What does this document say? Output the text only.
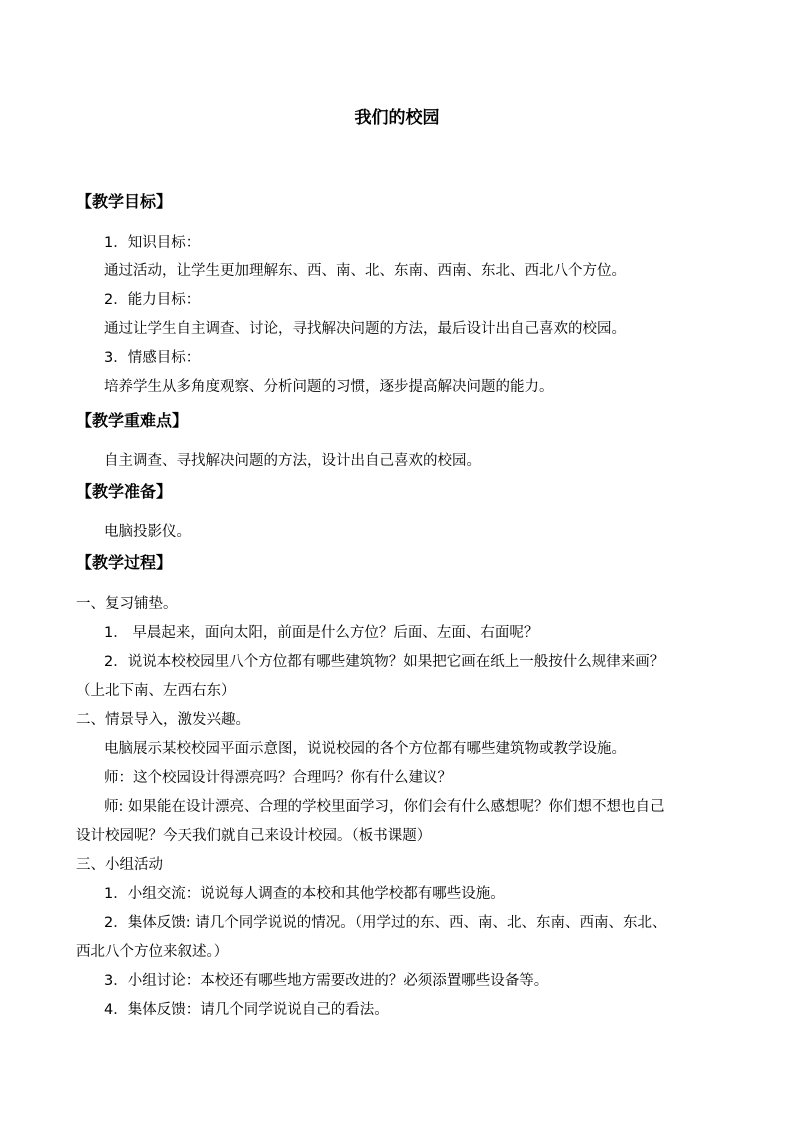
我们的校园
【教学目标】
1．知识目标：
通过活动，让学生更加理解东、西、南、北、东南、西南、东北、西北八个方位。
2．能力目标：
通过让学生自主调查、讨论，寻找解决问题的方法，最后设计出自己喜欢的校园。
3．情感目标：
培养学生从多角度观察、分析问题的习惯，逐步提高解决问题的能力。
【教学重难点】
自主调查、寻找解决问题的方法，设计出自己喜欢的校园。
【教学准备】
电脑投影仪。
【教学过程】
一、复习铺垫。
1． 早晨起来，面向太阳，前面是什么方位？后面、左面、右面呢？
2．说说本校校园里八个方位都有哪些建筑物？如果把它画在纸上一般按什么规律来画？
（上北下南、左西右东）
二、情景导入，激发兴趣。
电脑展示某校校园平面示意图，说说校园的各个方位都有哪些建筑物或教学设施。
师：这个校园设计得漂亮吗？合理吗？你有什么建议？
师: 如果能在设计漂亮、合理的学校里面学习，你们会有什么感想呢？你们想不想也自己
设计校园呢？今天我们就自己来设计校园。（板书课题）
三、小组活动
1．小组交流：说说每人调查的本校和其他学校都有哪些设施。
2．集体反馈: 请几个同学说说的情况。（用学过的东、西、南、北、东南、西南、东北、
西北八个方位来叙述。）
3．小组讨论：本校还有哪些地方需要改进的？必须添置哪些设备等。
4．集体反馈：请几个同学说说自己的看法。
